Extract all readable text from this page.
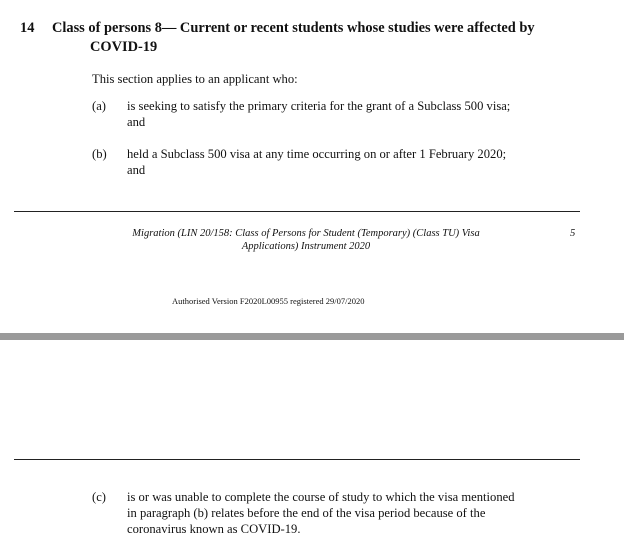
14 Class of persons 8— Current or recent students whose studies were affected by
COVID-19
This section applies to an applicant who:
(a) is seeking to satisfy the primary criteria for the grant of a Subclass 500 visa;
and
(b) held a Subclass 500 visa at any time occurring on or after 1 February 2020;
and
Migration (LIN 20/158: Class of Persons for Student (Temporary) (Class TU) Visa
Applications) Instrument 2020
5
Authorised Version F2020L00955 registered 29/07/2020
(c) is or was unable to complete the course of study to which the visa mentioned
in paragraph (b) relates before the end of the visa period because of the
coronavirus known as COVID-19.
